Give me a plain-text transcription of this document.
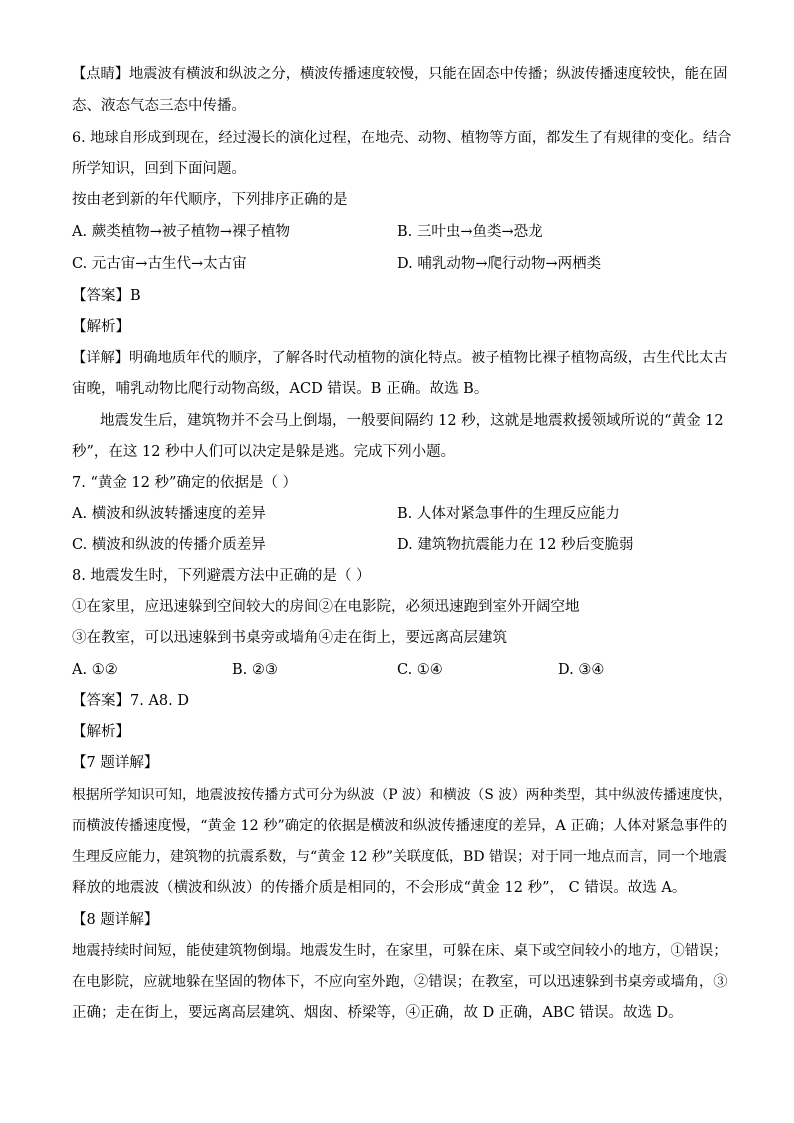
【点睛】地震波有横波和纵波之分，横波传播速度较慢，只能在固态中传播；纵波传播速度较快，能在固
态、液态气态三态中传播。
6. 地球自形成到现在，经过漫长的演化过程，在地壳、动物、植物等方面，都发生了有规律的变化。结合
所学知识，回到下面问题。
按由老到新的年代顺序，下列排序正确的是
A. 蕨类植物→被子植物→裸子植物	B. 三叶虫→鱼类→恐龙
C. 元古宙→古生代→太古宙	D. 哺乳动物→爬行动物→两栖类
【答案】B
【解析】
【详解】明确地质年代的顺序，了解各时代动植物的演化特点。被子植物比裸子植物高级，古生代比太古
宙晚，哺乳动物比爬行动物高级，ACD 错误。B 正确。故选 B。
地震发生后，建筑物并不会马上倒塌，一般要间隔约 12 秒，这就是地震救援领域所说的“黄金 12
秒”，在这 12 秒中人们可以决定是躲是逃。完成下列小题。
7. “黄金 12 秒”确定的依据是（ ）
A. 横波和纵波转播速度的差异	B. 人体对紧急事件的生理反应能力
C. 横波和纵波的传播介质差异	D. 建筑物抗震能力在 12 秒后变脆弱
8. 地震发生时，下列避震方法中正确的是（ ）
①在家里，应迅速躲到空间较大的房间②在电影院，必须迅速跑到室外开阔空地
③在教室，可以迅速躲到书桌旁或墙角④走在街上，要远离高层建筑
A. ①②	B. ②③	C. ①④	D. ③④
【答案】7. A8. D
【解析】
【7 题详解】
根据所学知识可知，地震波按传播方式可分为纵波（P 波）和横波（S 波）两种类型，其中纵波传播速度快，
而横波传播速度慢，“黄金 12 秒”确定的依据是横波和纵波传播速度的差异，A 正确；人体对紧急事件的
生理反应能力，建筑物的抗震系数，与“黄金 12 秒”关联度低，BD 错误；对于同一地点而言，同一个地震
释放的地震波（横波和纵波）的传播介质是相同的，不会形成“黄金 12 秒”， C 错误。故选 A。
【8 题详解】
地震持续时间短，能使建筑物倒塌。地震发生时，在家里，可躲在床、桌下或空间较小的地方，①错误；
在电影院，应就地躲在坚固的物体下，不应向室外跑，②错误；在教室，可以迅速躲到书桌旁或墙角，③
正确；走在街上，要远离高层建筑、烟囱、桥梁等，④正确，故 D 正确，ABC 错误。故选 D。
